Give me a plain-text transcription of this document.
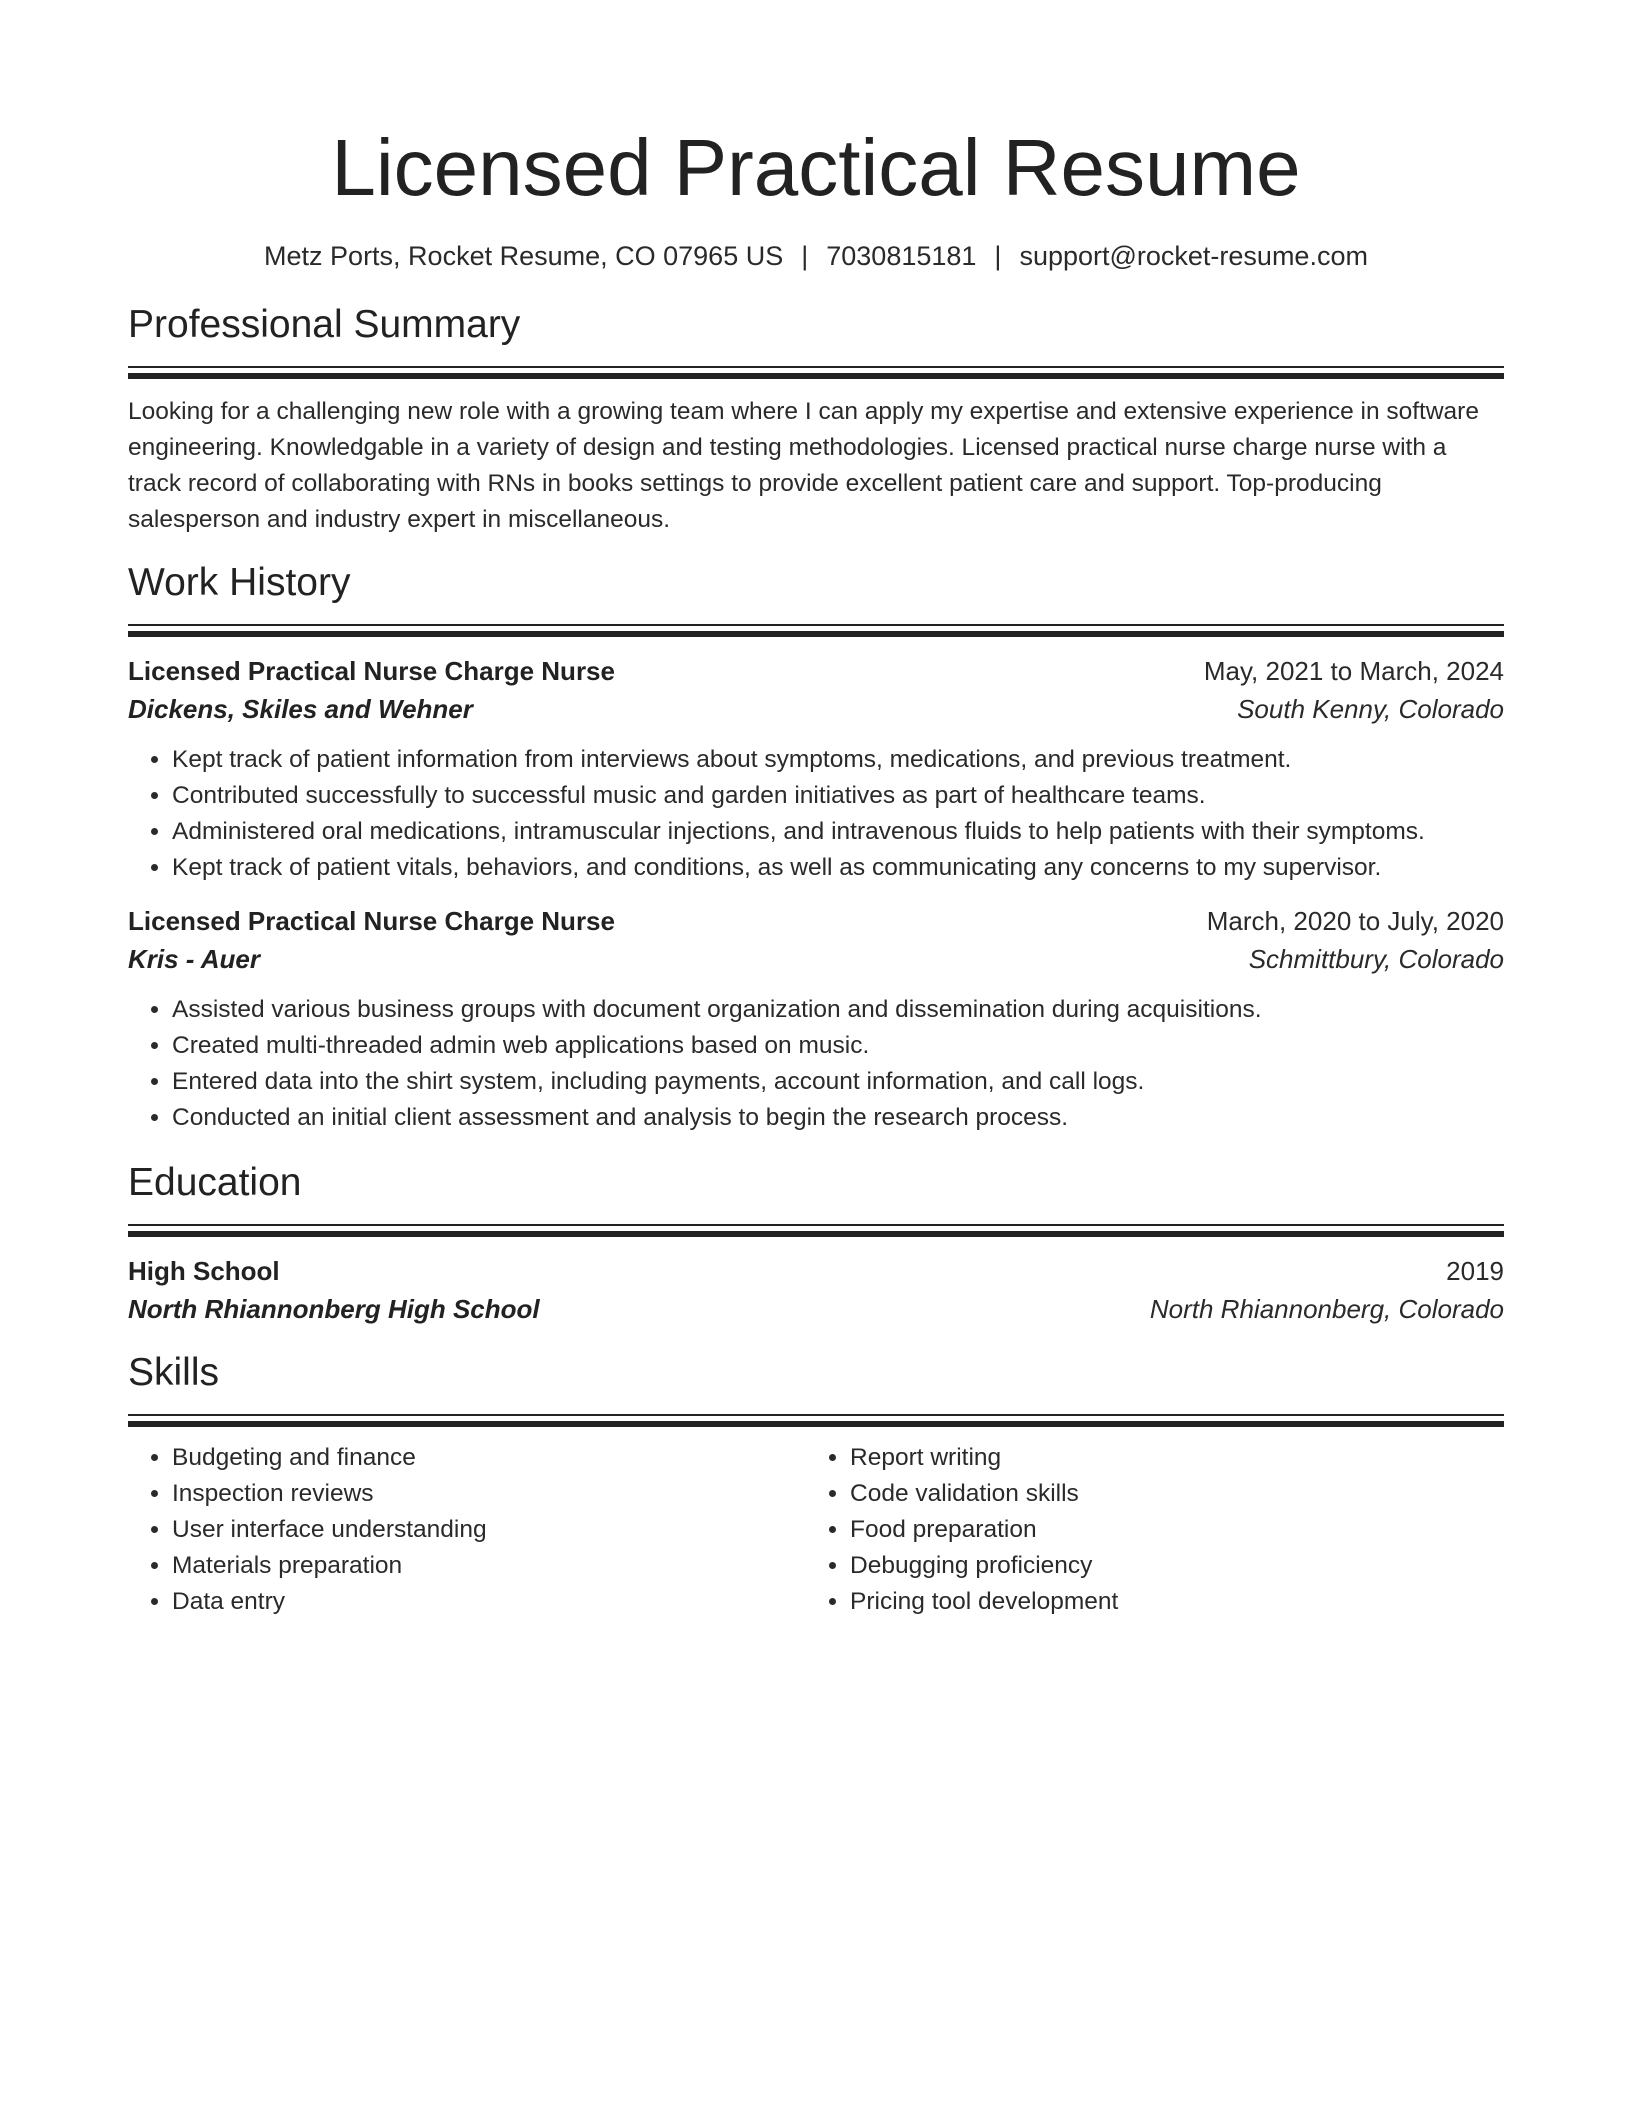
Licensed Practical Resume
Metz Ports, Rocket Resume, CO 07965 US | 7030815181 | support@rocket-resume.com
Professional Summary
Looking for a challenging new role with a growing team where I can apply my expertise and extensive experience in software engineering. Knowledgable in a variety of design and testing methodologies. Licensed practical nurse charge nurse with a track record of collaborating with RNs in books settings to provide excellent patient care and support. Top-producing salesperson and industry expert in miscellaneous.
Work History
Licensed Practical Nurse Charge Nurse	May, 2021 to March, 2024
Dickens, Skiles and Wehner	South Kenny, Colorado
• Kept track of patient information from interviews about symptoms, medications, and previous treatment.
• Contributed successfully to successful music and garden initiatives as part of healthcare teams.
• Administered oral medications, intramuscular injections, and intravenous fluids to help patients with their symptoms.
• Kept track of patient vitals, behaviors, and conditions, as well as communicating any concerns to my supervisor.
Licensed Practical Nurse Charge Nurse	March, 2020 to July, 2020
Kris - Auer	Schmittbury, Colorado
• Assisted various business groups with document organization and dissemination during acquisitions.
• Created multi-threaded admin web applications based on music.
• Entered data into the shirt system, including payments, account information, and call logs.
• Conducted an initial client assessment and analysis to begin the research process.
Education
High School	2019
North Rhiannonberg High School	North Rhiannonberg, Colorado
Skills
• Budgeting and finance
• Inspection reviews
• User interface understanding
• Materials preparation
• Data entry
• Report writing
• Code validation skills
• Food preparation
• Debugging proficiency
• Pricing tool development
